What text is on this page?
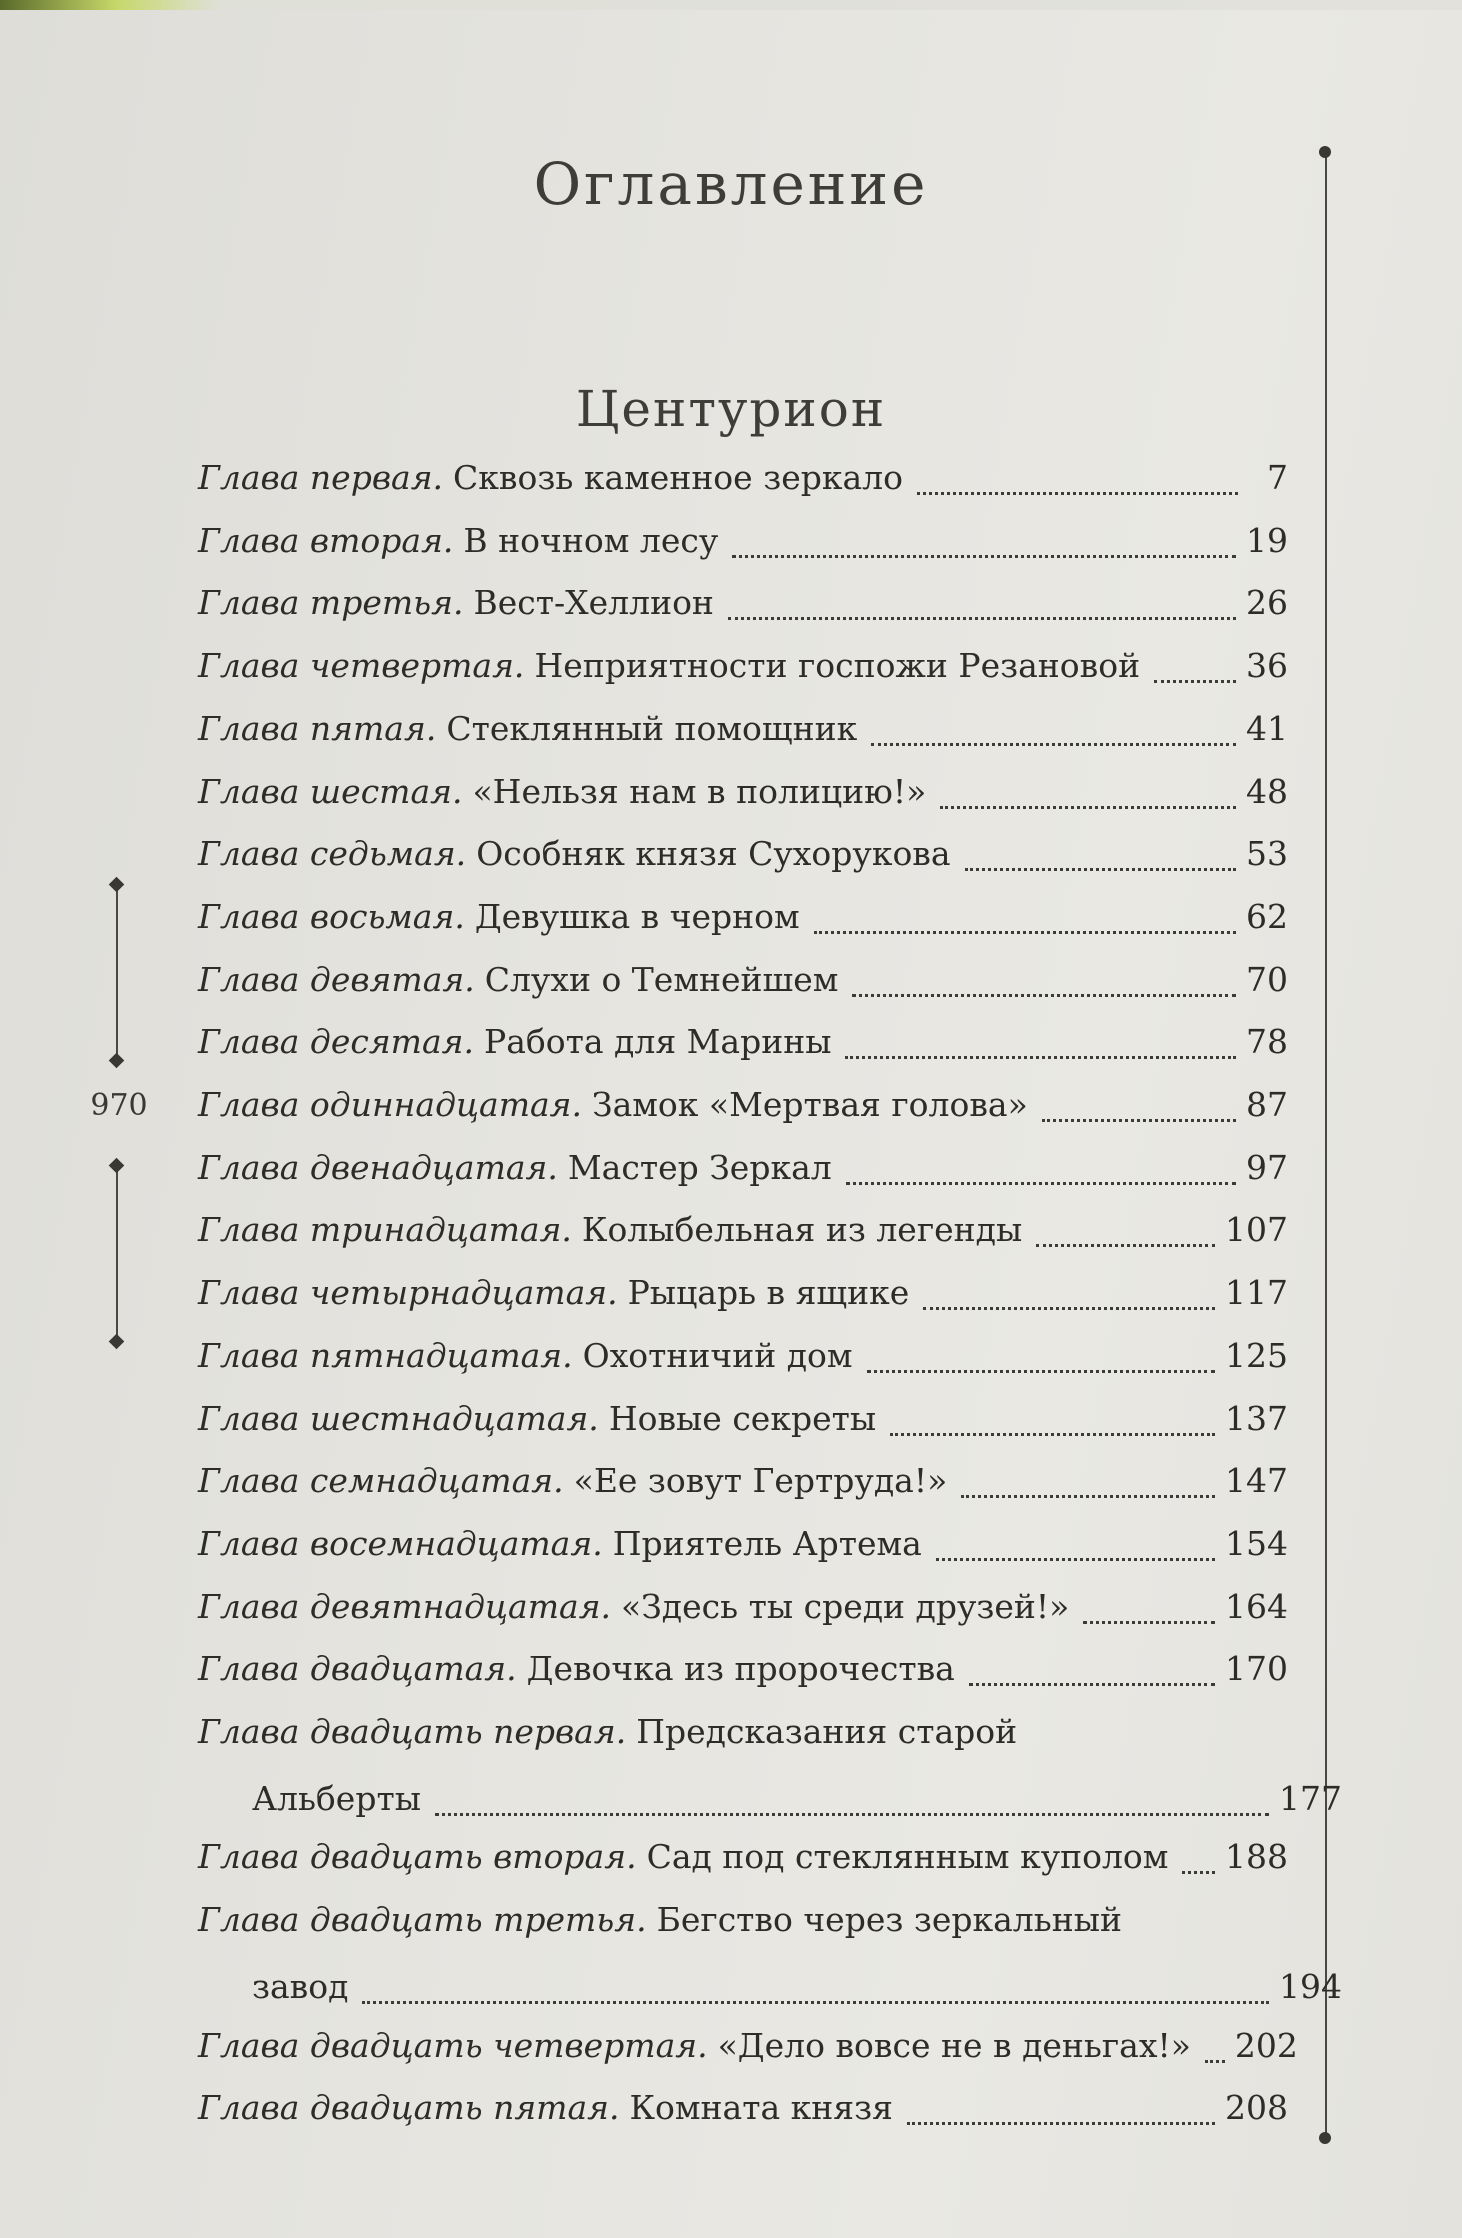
Оглавление
Центурион
970
Глава первая. Сквозь каменное зеркало	7
Глава вторая. В ночном лесу	19
Глава третья. Вест-Хеллион	26
Глава четвертая. Неприятности госпожи Резановой	36
Глава пятая. Стеклянный помощник	41
Глава шестая. «Нельзя нам в полицию!»	48
Глава седьмая. Особняк князя Сухорукова	53
Глава восьмая. Девушка в черном	62
Глава девятая. Слухи о Темнейшем	70
Глава десятая. Работа для Марины	78
Глава одиннадцатая. Замок «Мертвая голова»	87
Глава двенадцатая. Мастер Зеркал	97
Глава тринадцатая. Колыбельная из легенды	107
Глава четырнадцатая. Рыцарь в ящике	117
Глава пятнадцатая. Охотничий дом	125
Глава шестнадцатая. Новые секреты	137
Глава семнадцатая. «Ее зовут Гертруда!»	147
Глава восемнадцатая. Приятель Артема	154
Глава девятнадцатая. «Здесь ты среди друзей!»	164
Глава двадцатая. Девочка из пророчества	170
Глава двадцать первая. Предсказания старой
Альберты	177
Глава двадцать вторая. Сад под стеклянным куполом 188
Глава двадцать третья. Бегство через зеркальный
завод	194
Глава двадцать четвертая. «Дело вовсе не в деньгах!» 202
Глава двадцать пятая. Комната князя	208
